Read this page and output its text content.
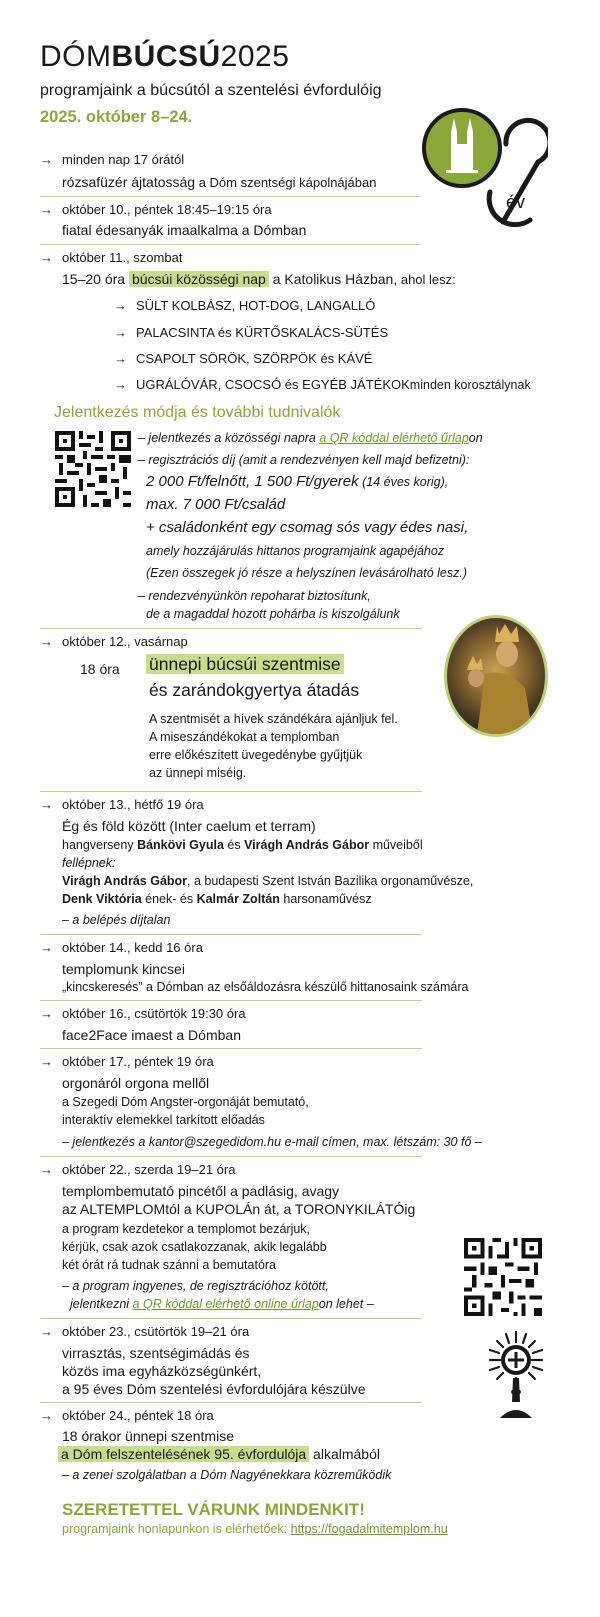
DÓMBÚCSÚ2025
programjaink a búcsútól a szentelési évfordulóig
2025. október 8–24.
év
→ minden nap 17 órától
rózsafüzér ájtatosság a Dóm szentségi kápolnájában
→ október 10., péntek 18:45–19:15 óra
fiatal édesanyák imaalkalma a Dómban
→ október 11., szombat
15–20 óra búcsúi közösségi nap a Katolikus Házban, ahol lesz:
→ SÜLT KOLBÁSZ, HOT-DOG, LANGALLÓ
→ PALACSINTA és KÜRTŐSKALÁCS-SÜTÉS
→ CSAPOLT SÖRÖK, SZÖRPÖK és KÁVÉ
→ UGRÁLÓVÁR, CSOCSÓ és EGYÉB JÁTÉKOK minden korosztálynak
Jelentkezés módja és további tudnivalók
– jelentkezés a közösségi napra a QR kóddal elérhető űrlapon
– regisztrációs díj (amit a rendezvényen kell majd befizetni):
2 000 Ft/felnőtt, 1 500 Ft/gyerek (14 éves korig),
max. 7 000 Ft/család
+ családonként egy csomag sós vagy édes nasi,
amely hozzájárulás hittanos programjaink agapéjához
(Ezen összegek jó része a helyszínen levásárolható lesz.)
– rendezvényünkön repoharat biztosítunk,
de a magaddal hozott pohárba is kiszolgálunk
→ október 12., vasárnap
18 óra ünnepi búcsúi szentmise
és zarándokgyertya átadás
A szentmisét a hívek szándékára ajánljuk fel.
A miseszándékokat a templomban
erre előkészített üvegedénybe gyűjtjük
az ünnepi miséig.
→ október 13., hétfő 19 óra
Ég és föld között (Inter caelum et terram)
hangverseny Bánkövi Gyula és Virágh András Gábor műveiből
fellépnek:
Virágh András Gábor, a budapesti Szent István Bazilika orgonaművésze,
Denk Viktória ének- és Kalmár Zoltán harsonaművész
– a belépés díjtalan
→ október 14., kedd 16 óra
templomunk kincsei
„kincskeresés” a Dómban az elsőáldozásra készülő hittanosaink számára
→ október 16., csütörtök 19:30 óra
face2Face imaest a Dómban
→ október 17., péntek 19 óra
orgonáról orgona mellől
a Szegedi Dóm Angster-orgonáját bemutató,
interaktív elemekkel tarkított előadás
– jelentkezés a kantor@szegedidom.hu e-mail címen, max. létszám: 30 fő –
→ október 22., szerda 19–21 óra
templombemutató pincétől a padlásig, avagy
az ALTEMPLOMtól a KUPOLÁn át, a TORONYKILÁTÓig
a program kezdetekor a templomot bezárjuk,
kérjük, csak azok csatlakozzanak, akik legalább
két órát rá tudnak szánni a bemutatóra
– a program ingyenes, de regisztrációhoz kötött,
jelentkezni a QR kóddal elérhető online űrlapon lehet –
→ október 23., csütörtök 19–21 óra
virrasztás, szentségimádás és
közös ima egyházközségünkért,
a 95 éves Dóm szentelési évfordulójára készülve
→ október 24., péntek 18 óra
18 órakor ünnepi szentmise
a Dóm felszentelésének 95. évfordulója alkalmából
– a zenei szolgálatban a Dóm Nagyénekkara közreműködik
SZERETETTEL VÁRUNK MINDENKIT!
programjaink honlapunkon is elérhetőek: https://fogadalmitemplom.hu
